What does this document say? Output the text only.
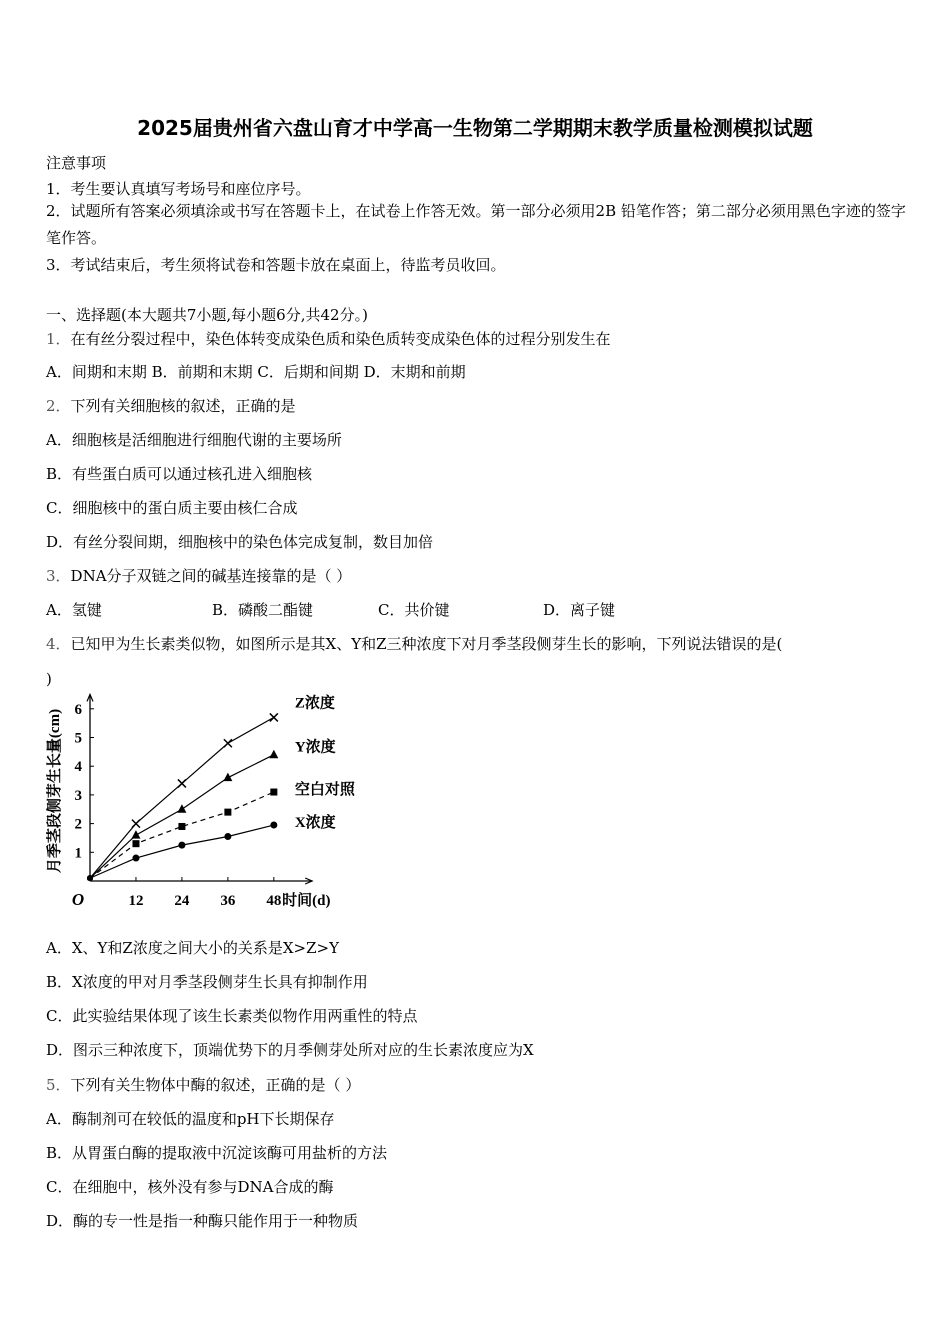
2025届贵州省六盘山育才中学高一生物第二学期期末教学质量检测模拟试题
注意事项
1．考生要认真填写考场号和座位序号。
2．试题所有答案必须填涂或书写在答题卡上，在试卷上作答无效。第一部分必须用2B 铅笔作答；第二部分必须用黑色字迹的签字笔作答。
3．考试结束后，考生须将试卷和答题卡放在桌面上，待监考员收回。
一、选择题(本大题共7小题,每小题6分,共42分。)
1．在有丝分裂过程中，染色体转变成染色质和染色质转变成染色体的过程分别发生在
A．间期和末期 B．前期和末期 C．后期和间期 D．末期和前期
2．下列有关细胞核的叙述，正确的是
A．细胞核是活细胞进行细胞代谢的主要场所
B．有些蛋白质可以通过核孔进入细胞核
C．细胞核中的蛋白质主要由核仁合成
D．有丝分裂间期，细胞核中的染色体完成复制，数目加倍
3．DNA分子双链之间的碱基连接靠的是（ ）
A．氢键	B．磷酸二酯键	C．共价键	D．离子键
4．已知甲为生长素类似物，如图所示是其X、Y和Z三种浓度下对月季茎段侧芽生长的影响，下列说法错误的是(
)
1
2
3
4
5
6
12 24 36 48
O	时间(d)
月季茎段侧芽生长量(cm)
Z浓度
Y浓度
空白对照
X浓度
A．X、Y和Z浓度之间大小的关系是X>Z>Y
B．X浓度的甲对月季茎段侧芽生长具有抑制作用
C．此实验结果体现了该生长素类似物作用两重性的特点
D．图示三种浓度下，顶端优势下的月季侧芽处所对应的生长素浓度应为X
5．下列有关生物体中酶的叙述，正确的是（ ）
A．酶制剂可在较低的温度和pH下长期保存
B．从胃蛋白酶的提取液中沉淀该酶可用盐析的方法
C．在细胞中，核外没有参与DNA合成的酶
D．酶的专一性是指一种酶只能作用于一种物质
